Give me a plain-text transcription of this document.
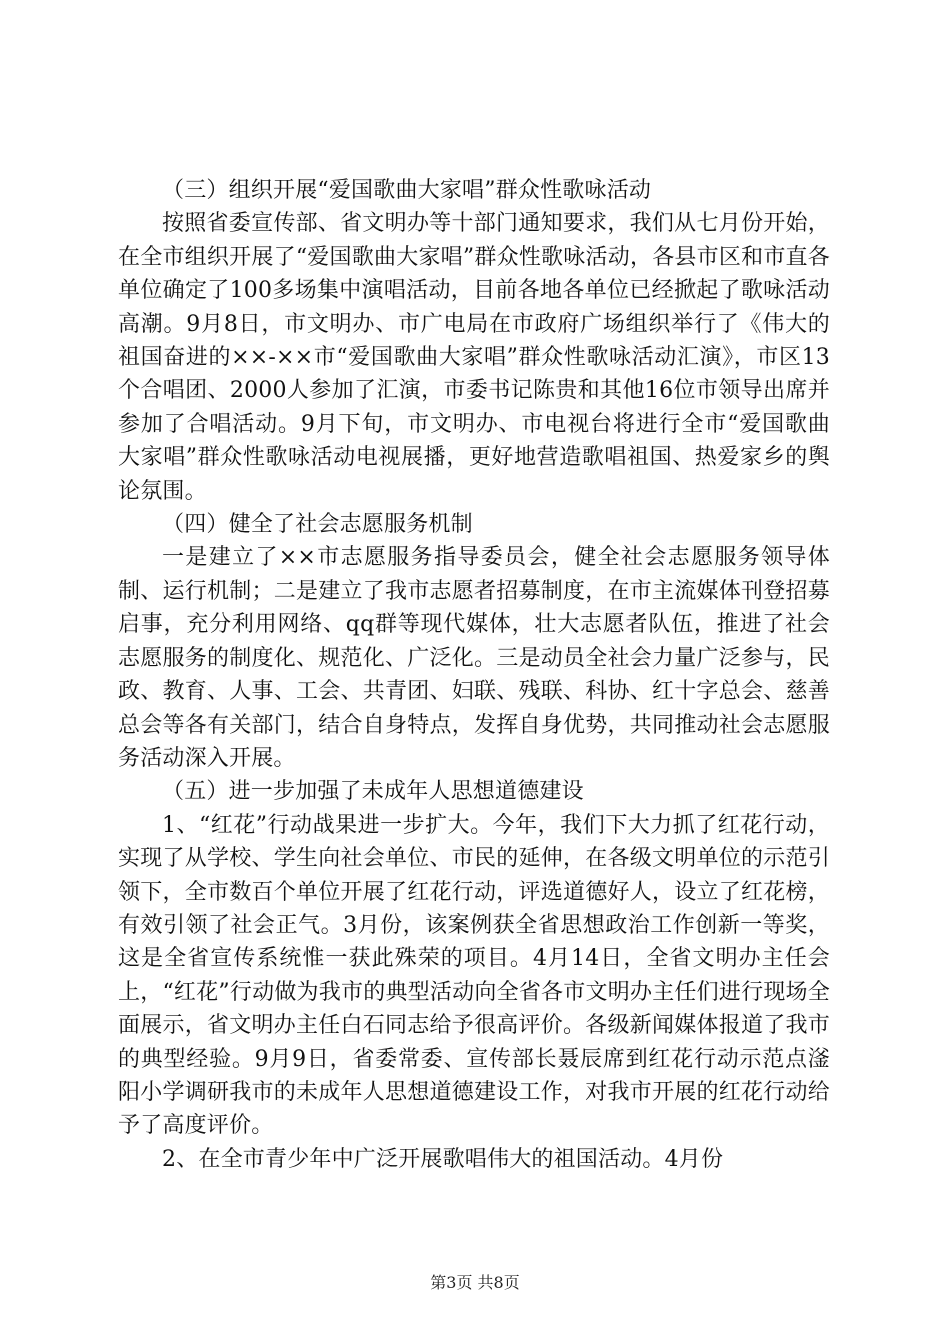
（三）组织开展“爱国歌曲大家唱”群众性歌咏活动

按照省委宣传部、省文明办等十部门通知要求，我们从七月份开始，在全市组织开展了“爱国歌曲大家唱”群众性歌咏活动，各县市区和市直各单位确定了100多场集中演唱活动，目前各地各单位已经掀起了歌咏活动高潮。9月8日，市文明办、市广电局在市政府广场组织举行了《伟大的祖国奋进的××-××市“爱国歌曲大家唱”群众性歌咏活动汇演》，市区13个合唱团、2000人参加了汇演，市委书记陈贵和其他16位市领导出席并参加了合唱活动。9月下旬，市文明办、市电视台将进行全市“爱国歌曲大家唱”群众性歌咏活动电视展播，更好地营造歌唱祖国、热爱家乡的舆论氛围。

（四）健全了社会志愿服务机制

一是建立了××市志愿服务指导委员会，健全社会志愿服务领导体制、运行机制；二是建立了我市志愿者招募制度，在市主流媒体刊登招募启事，充分利用网络、qq群等现代媒体，壮大志愿者队伍，推进了社会志愿服务的制度化、规范化、广泛化。三是动员全社会力量广泛参与，民政、教育、人事、工会、共青团、妇联、残联、科协、红十字总会、慈善总会等各有关部门，结合自身特点，发挥自身优势，共同推动社会志愿服务活动深入开展。

（五）进一步加强了未成年人思想道德建设

1、“红花”行动战果进一步扩大。今年，我们下大力抓了红花行动，实现了从学校、学生向社会单位、市民的延伸，在各级文明单位的示范引领下，全市数百个单位开展了红花行动，评选道德好人，设立了红花榜，有效引领了社会正气。3月份，该案例获全省思想政治工作创新一等奖，这是全省宣传系统惟一获此殊荣的项目。4月14日，全省文明办主任会上，“红花”行动做为我市的典型活动向全省各市文明办主任们进行现场全面展示，省文明办主任白石同志给予很高评价。各级新闻媒体报道了我市的典型经验。9月9日，省委常委、宣传部长聂辰席到红花行动示范点滏阳小学调研我市的未成年人思想道德建设工作，对我市开展的红花行动给予了高度评价。

2、在全市青少年中广泛开展歌唱伟大的祖国活动。4月份

第3页 共8页
